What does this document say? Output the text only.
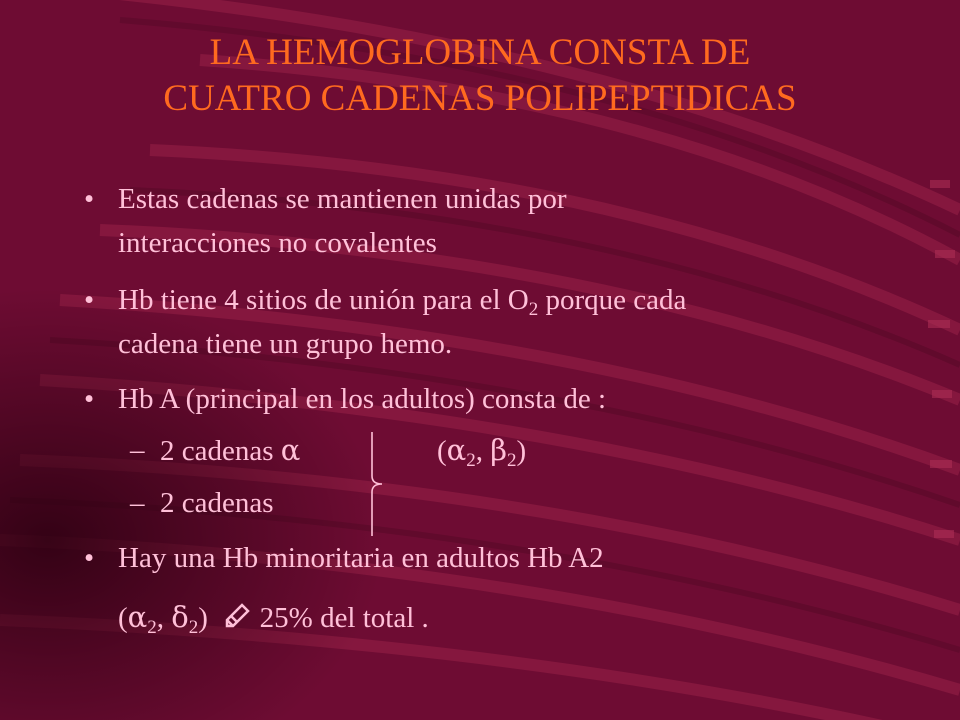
LA HEMOGLOBINA CONSTA DE
CUATRO CADENAS POLIPEPTIDICAS
• Estas cadenas se mantienen unidas por
interacciones no covalentes
• Hb tiene 4 sitios de unión para el $O_2$ porque cada
cadena tiene un grupo hemo.
• Hb A (principal en los adultos) consta de :
– 2 cadenas α	($\alpha_2$, $\beta_2$)
– 2 cadenas
• Hay una Hb minoritaria en adultos Hb A2
($\alpha_2$, $\delta_2$)   25% del total .
